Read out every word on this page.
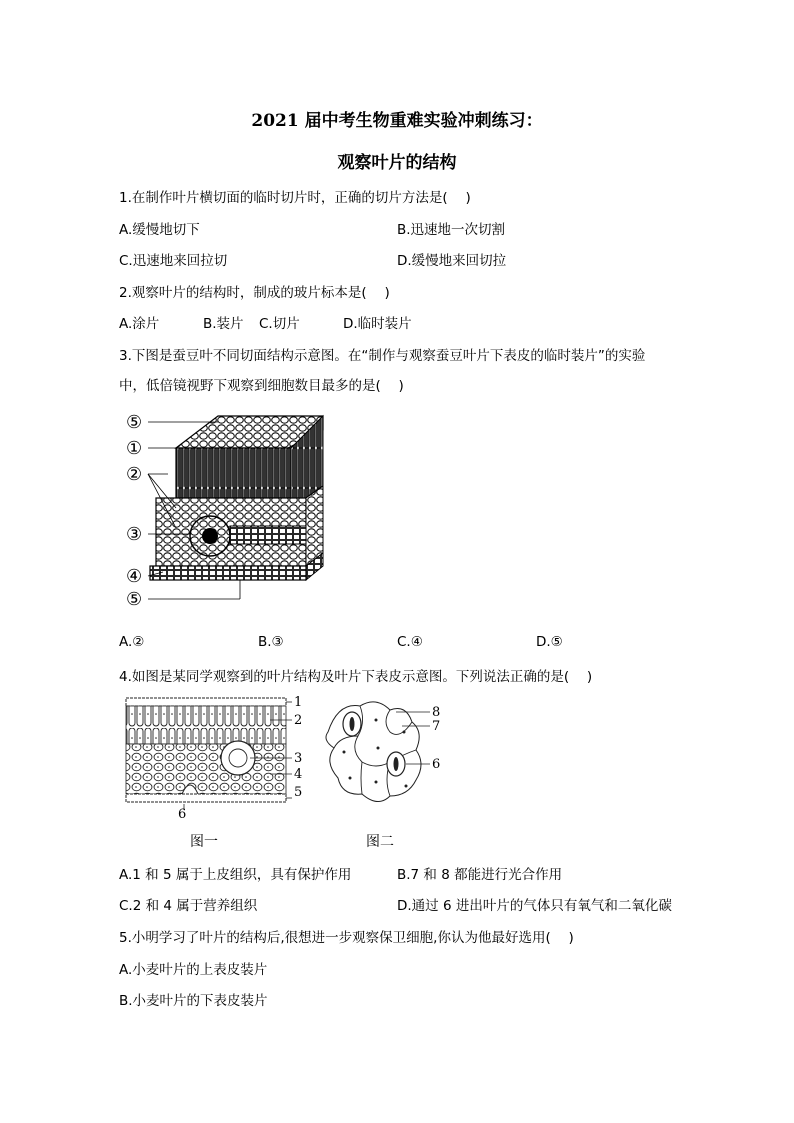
2021 届中考生物重难实验冲刺练习：
观察叶片的结构
1.在制作叶片横切面的临时切片时，正确的切片方法是(　 )
A.缓慢地切下	B.迅速地一次切割
C.迅速地来回拉切	D.缓慢地来回切拉
2.观察叶片的结构时，制成的玻片标本是(　 )
A.涂片	B.装片 C.切片	D.临时装片
3.下图是蚕豆叶不同切面结构示意图。在“制作与观察蚕豆叶片下表皮的临时装片”的实验
中，低倍镜视野下观察到细胞数目最多的是(　 )
⑤
①
②
③
④
⑤
A.②	B.③	C.④	D.⑤
4.如图是某同学观察到的叶片结构及叶片下表皮示意图。下列说法正确的是(　 )
1
2
3
4
5
6
图一
8
7
6
图二
A.1 和 5 属于上皮组织，具有保护作用	B.7 和 8 都能进行光合作用
C.2 和 4 属于营养组织	D.通过 6 进出叶片的气体只有氧气和二氧化碳
5.小明学习了叶片的结构后,很想进一步观察保卫细胞,你认为他最好选用(　 )
A.小麦叶片的上表皮装片
B.小麦叶片的下表皮装片
